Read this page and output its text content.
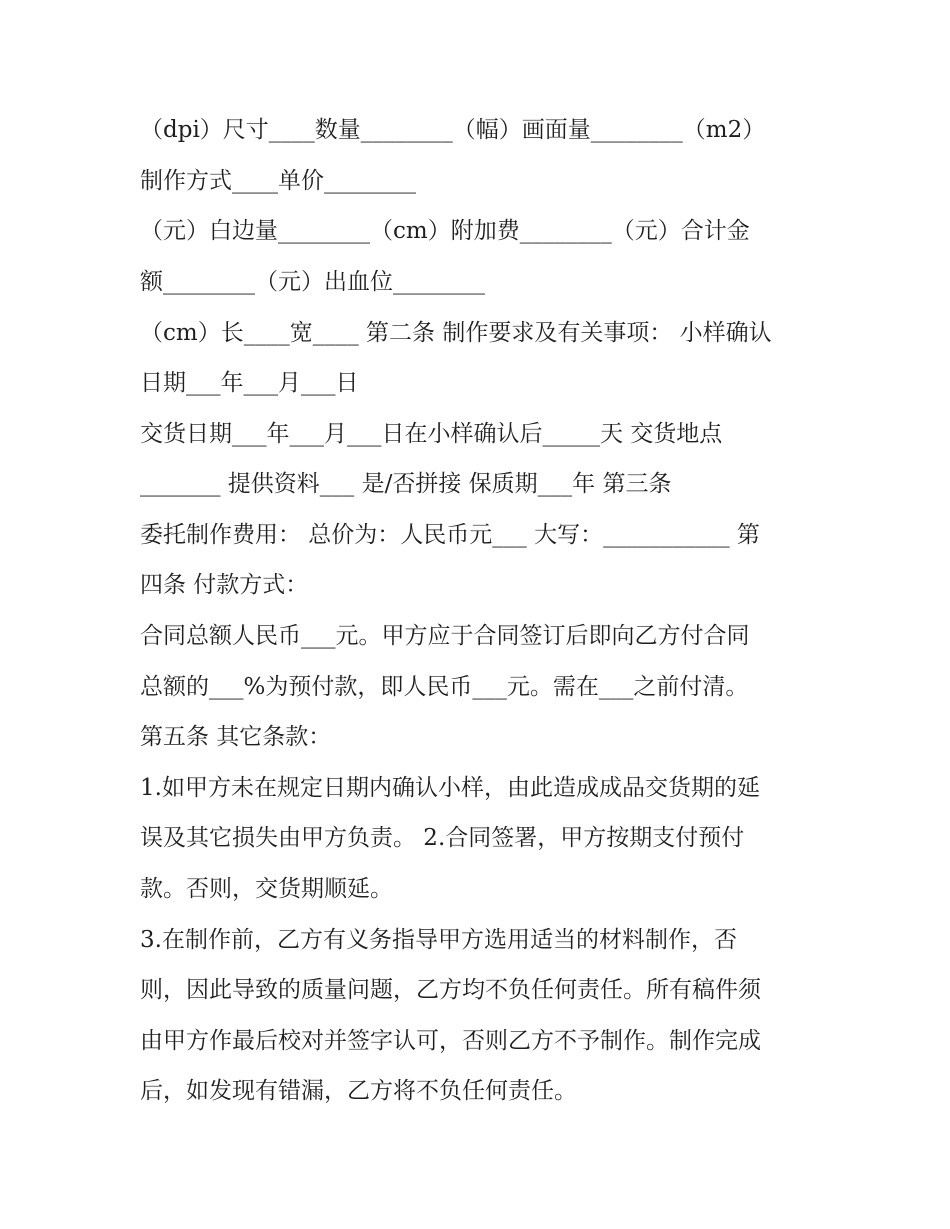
（dpi）尺寸____数量________（幅）画面量________（m2）
制作方式____单价________
（元）白边量________（cm）附加费________（元）合计金
额________（元）出血位________
（cm）长____宽____ 第二条 制作要求及有关事项： 小样确认
日期___年___月___日
交货日期___年___月___日在小样确认后_____天 交货地点
_______ 提供资料___ 是/否拼接 保质期___年 第三条
委托制作费用： 总价为：人民币元___ 大写：___________ 第
四条 付款方式：
合同总额人民币___元。甲方应于合同签订后即向乙方付合同
总额的___%为预付款，即人民币___元。需在___之前付清。
第五条 其它条款：
1.如甲方未在规定日期内确认小样，由此造成成品交货期的延
误及其它损失由甲方负责。 2.合同签署，甲方按期支付预付
款。否则，交货期顺延。
3.在制作前，乙方有义务指导甲方选用适当的材料制作，否
则，因此导致的质量问题，乙方均不负任何责任。所有稿件须
由甲方作最后校对并签字认可，否则乙方不予制作。制作完成
后，如发现有错漏，乙方将不负任何责任。
